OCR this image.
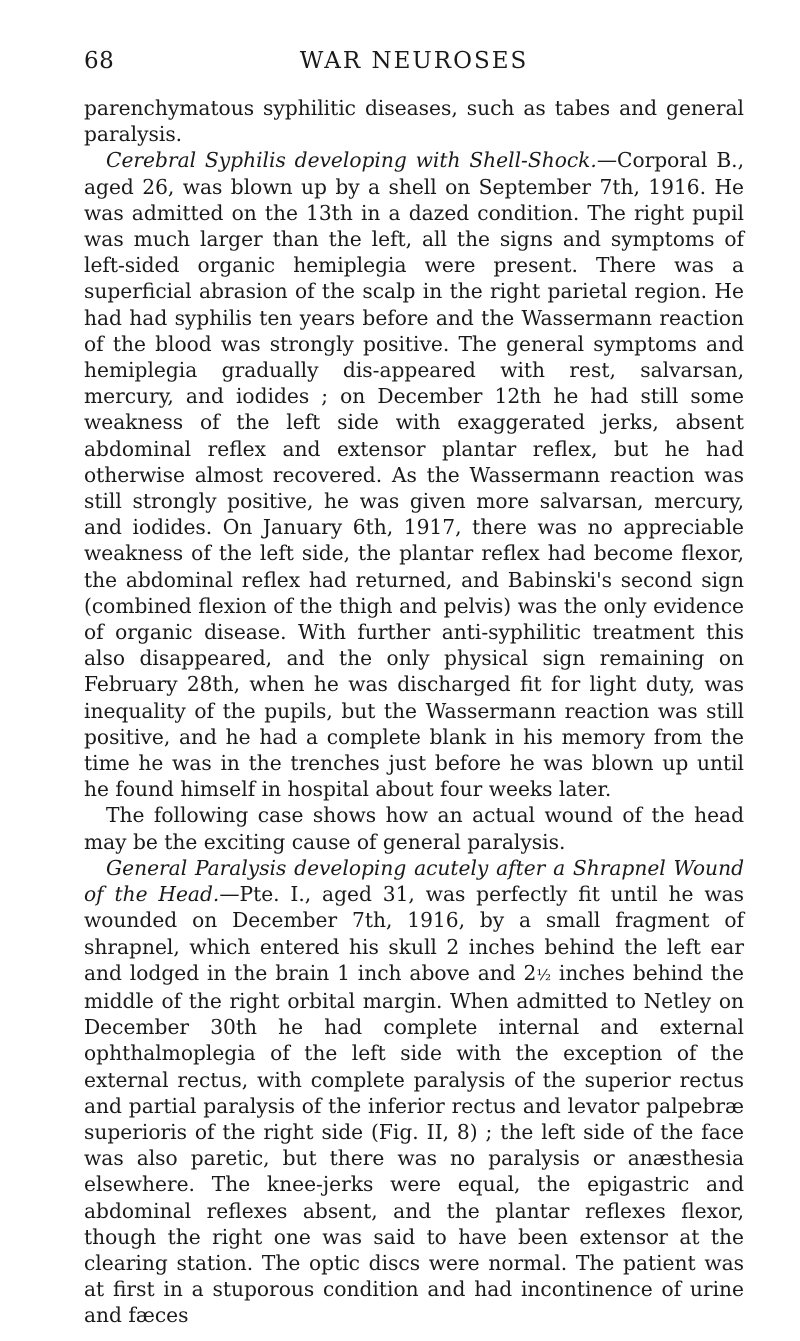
68	WAR NEUROSES

parenchymatous syphilitic diseases, such as tabes and general paralysis.

Cerebral Syphilis developing with Shell-Shock.—Corporal B., aged 26, was blown up by a shell on September 7th, 1916. He was admitted on the 13th in a dazed condition. The right pupil was much larger than the left, all the signs and symptoms of left-sided organic hemiplegia were present. There was a superficial abrasion of the scalp in the right parietal region. He had had syphilis ten years before and the Wassermann reaction of the blood was strongly positive. The general symptoms and hemiplegia gradually dis-appeared with rest, salvarsan, mercury, and iodides ; on December 12th he had still some weakness of the left side with exaggerated jerks, absent abdominal reflex and extensor plantar reflex, but he had otherwise almost recovered. As the Wassermann reaction was still strongly positive, he was given more salvarsan, mercury, and iodides. On January 6th, 1917, there was no appreciable weakness of the left side, the plantar reflex had become flexor, the abdominal reflex had returned, and Babinski's second sign (combined flexion of the thigh and pelvis) was the only evidence of organic disease. With further anti-syphilitic treatment this also disappeared, and the only physical sign remaining on February 28th, when he was discharged fit for light duty, was inequality of the pupils, but the Wassermann reaction was still positive, and he had a complete blank in his memory from the time he was in the trenches just before he was blown up until he found himself in hospital about four weeks later.

The following case shows how an actual wound of the head may be the exciting cause of general paralysis.

General Paralysis developing acutely after a Shrapnel Wound of the Head.—Pte. I., aged 31, was perfectly fit until he was wounded on December 7th, 1916, by a small fragment of shrapnel, which entered his skull 2 inches behind the left ear and lodged in the brain 1 inch above and 2½ inches behind the middle of the right orbital margin. When admitted to Netley on December 30th he had complete internal and external ophthalmoplegia of the left side with the exception of the external rectus, with complete paralysis of the superior rectus and partial paralysis of the inferior rectus and levator palpebræ superioris of the right side (Fig. II, 8) ; the left side of the face was also paretic, but there was no paralysis or anæsthesia elsewhere. The knee-jerks were equal, the epigastric and abdominal reflexes absent, and the plantar reflexes flexor, though the right one was said to have been extensor at the clearing station. The optic discs were normal. The patient was at first in a stuporous condition and had incontinence of urine and fæces
